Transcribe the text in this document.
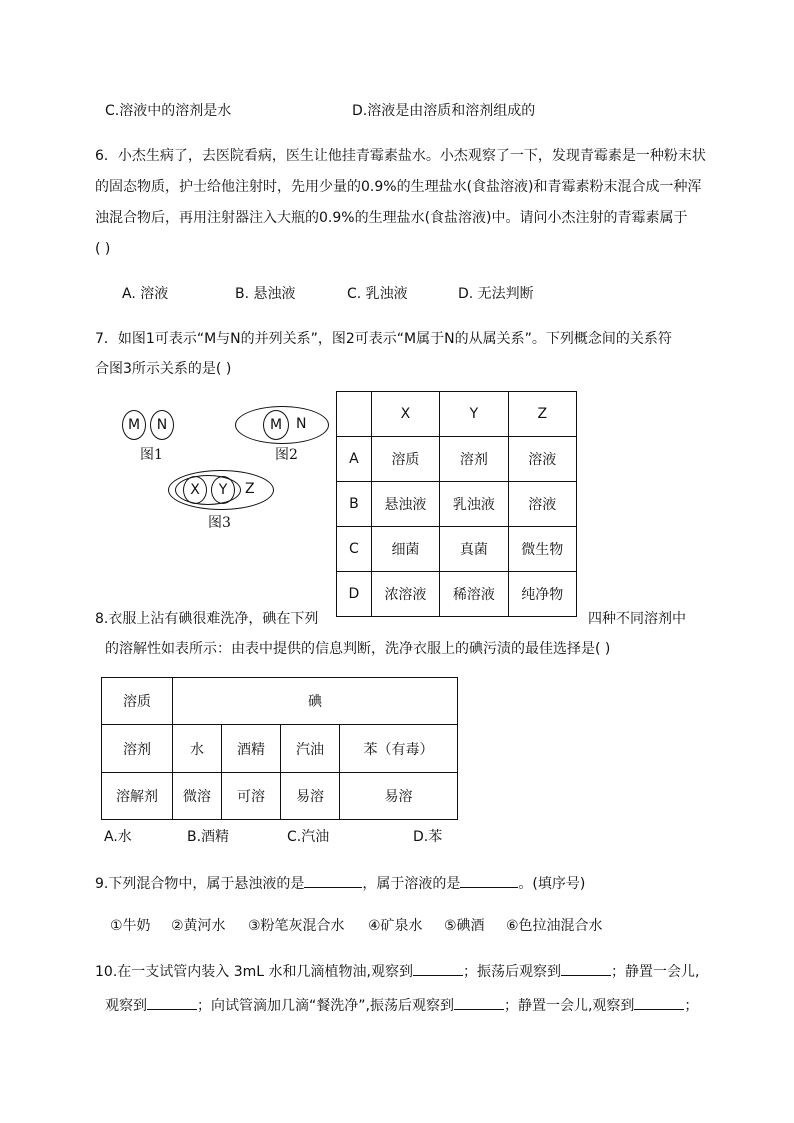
C.溶液中的溶剂是水	D.溶液是由溶质和溶剂组成的
6．小杰生病了，去医院看病，医生让他挂青霉素盐水。小杰观察了一下，发现青霉素是一种粉末状
的固态物质，护士给他注射时，先用少量的0.9%的生理盐水(食盐溶液)和青霉素粉末混合成一种浑
浊混合物后，再用注射器注入大瓶的0.9%的生理盐水(食盐溶液)中。请问小杰注射的青霉素属于
( )
A. 溶液	B. 悬浊液	C. 乳浊液	D. 无法判断
7．如图1可表示“M与N的并列关系”，图2可表示“M属于N的从属关系”。下列概念间的关系符
合图3所示关系的是( )
M	N
图1
M N
图2
X	Y	Z
图3
	X	Y	Z
A	溶质	溶剂	溶液
B	悬浊液	乳浊液	溶液
C	细菌	真菌	微生物
D	浓溶液	稀溶液	纯净物
8.衣服上沾有碘很难洗净，碘在下列	四种不同溶剂中
的溶解性如表所示：由表中提供的信息判断，洗净衣服上的碘污渍的最佳选择是( )
溶质	碘			
溶剂	水	酒精	汽油	苯（有毒）
溶解剂	微溶	可溶	易溶	易溶
A.水	B.酒精	C.汽油	D.苯
9.下列混合物中，属于悬浊液的是	，属于溶液的是	。(填序号)
①牛奶 ②黄河水 ③粉笔灰混合水 ④矿泉水 ⑤碘酒 ⑥色拉油混合水
10.在一支试管内装入 3mL 水和几滴植物油,观察到	；振荡后观察到	；静置一会儿,
观察到	；向试管滴加几滴“餐洗净”,振荡后观察到	；静置一会儿,观察到	；
